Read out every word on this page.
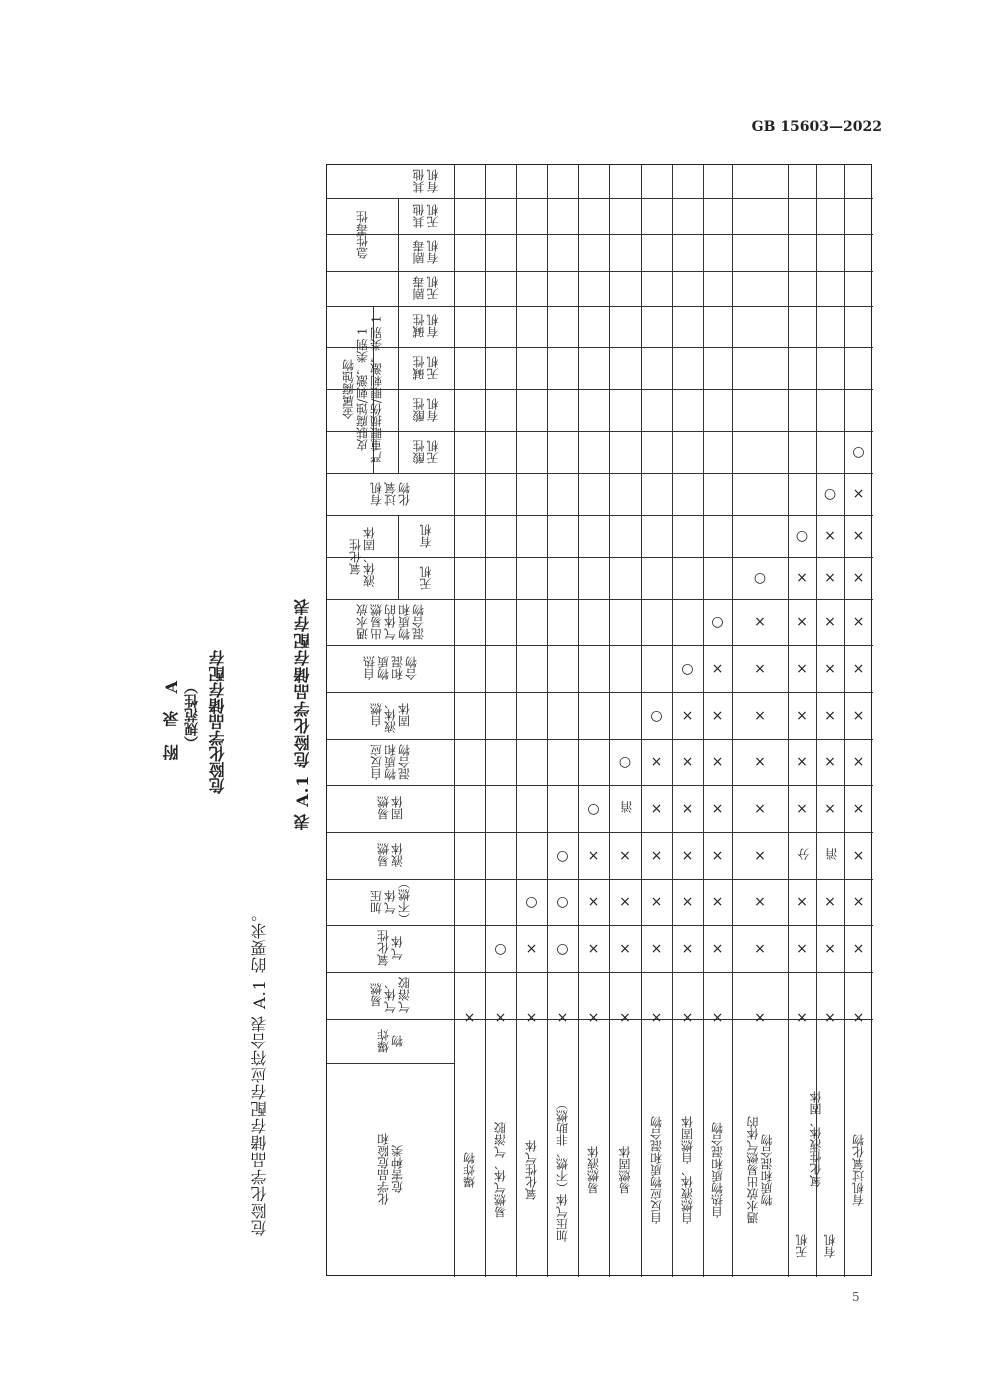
GB 15603—2022
附 录 A （规范性） 危险化学品储存配存
危险化学品储存配存应符合表 A.1 的要求。
表 A.1 危险化学品储存配存表
化学品危险和
危害种类
爆炸
物
易燃
气体、
气溶胶
氧化性
气体
加压
气体
（不燃）
易燃
液体
易燃
固体
自反应
物质和
混合物
自燃
液体、
固体
自热
物质
和混
合物
遇水放
出易燃
气体的
物质和
混合物
氧化性
液体、固体	无机
有机
有机
过氧
化物
金属腐蚀物
皮肤腐蚀/刺激，类别 1
严重眼损伤/眼刺激，类别 1
酸性
无机
酸性
有机
碱性
无机
碱性
有机
急性毒性
剧毒
无机
剧毒
有机
其他
无机
其他
有机
爆炸物
×
易燃气体、气溶胶
×
○
氧化性气体
×
×
○
加压气体（不燃、非助燃）
×
○
○
○
易燃液体
×
×
×
×
○
易燃固体
×
×
×
×
消
○
自反应物质和混合物
×
×
×
×
×
×
○
自燃液体、自燃固体
×
×
×
×
×
×
×
○
自热物质和混合物
×
×
×
×
×
×
×
×
○
遇水放出易燃气体的
物质和混合物
×
×
×
×
×
×
×
×
×
○
氧化性液体、固体
无机
×
×
×
分
×
×
×
×
×
×
○
有机
×
×
×
消
×
×
×
×
×
×
×
○
有机过氧化物
×
×
×
×
×
×
×
×
×
×
×
×
○
5
